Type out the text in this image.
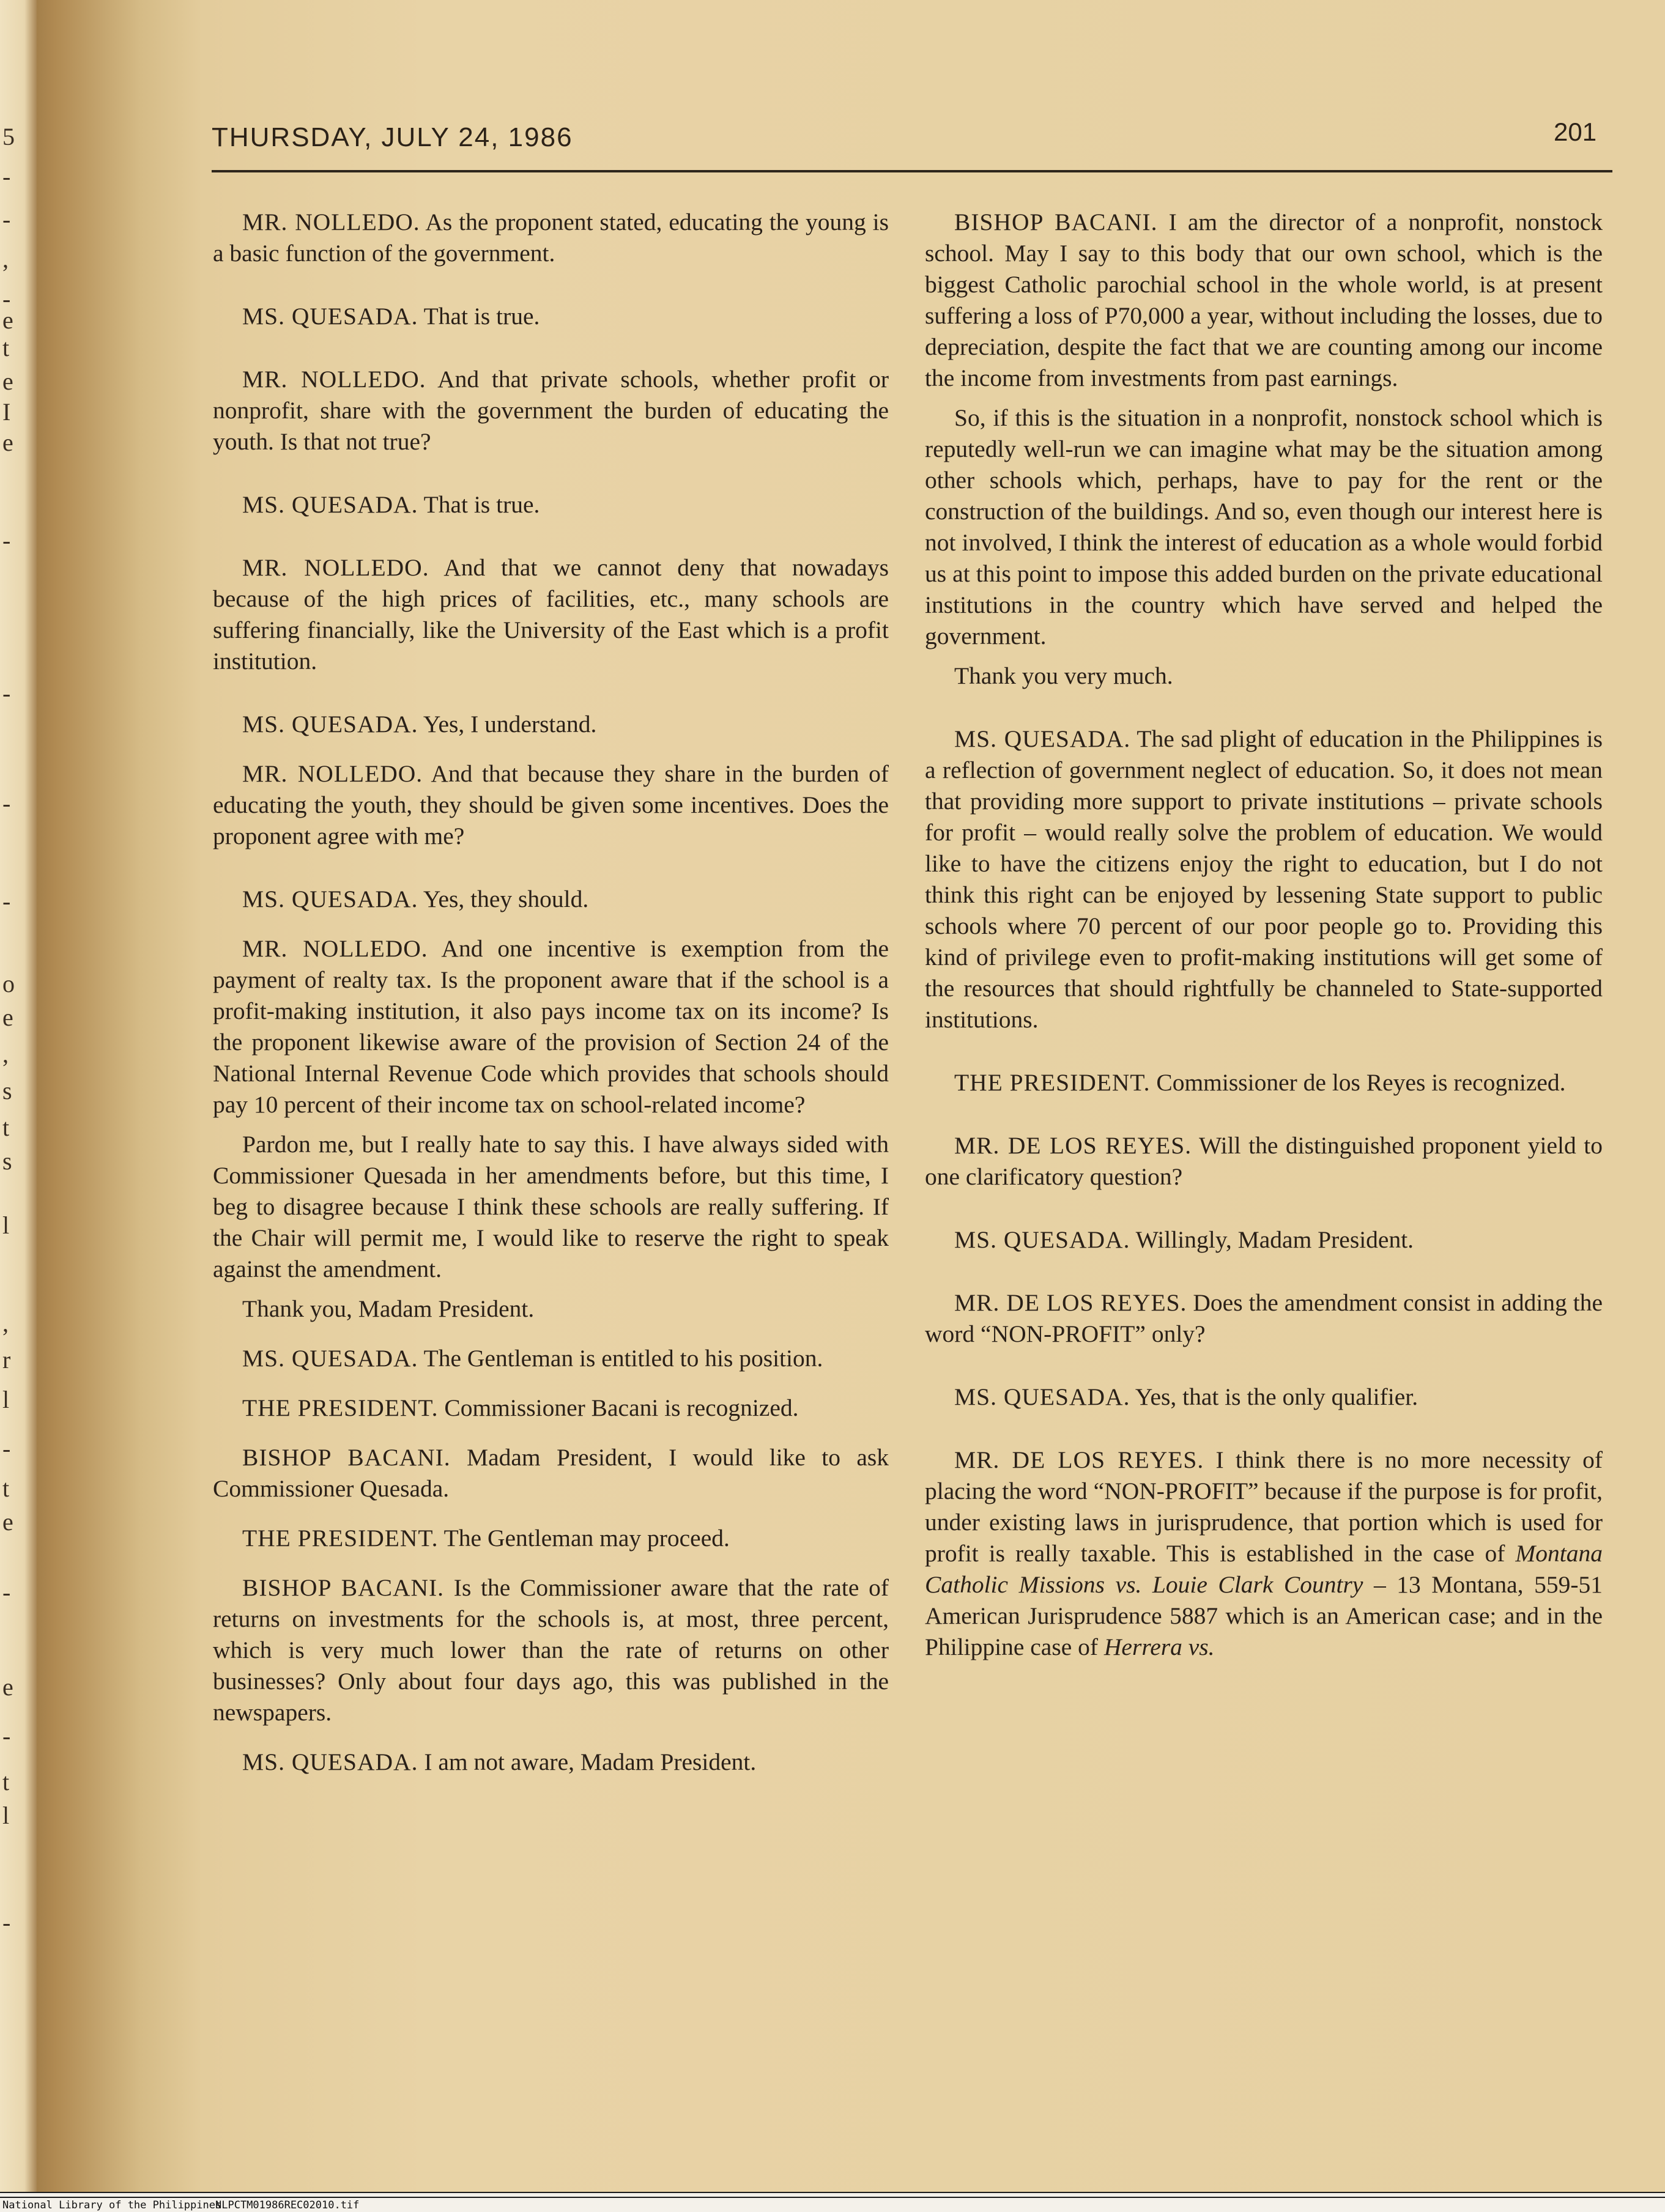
5
-
-
,
-
e
t
e
I
e
-
-
-
-
o
e
,
s
t
s
l
,
r
l
-
t
e
-
e
-
t
l
-
THURSDAY, JULY 24, 1986	201

MR. NOLLEDO. As the proponent stated, educating the young is a basic function of the government.

MS. QUESADA. That is true.

MR. NOLLEDO. And that private schools, whether profit or nonprofit, share with the government the burden of educating the youth. Is that not true?

MS. QUESADA. That is true.

MR. NOLLEDO. And that we cannot deny that nowadays because of the high prices of facilities, etc., many schools are suffering financially, like the University of the East which is a profit institution.

MS. QUESADA. Yes, I understand.

MR. NOLLEDO. And that because they share in the burden of educating the youth, they should be given some incentives. Does the proponent agree with me?

MS. QUESADA. Yes, they should.

MR. NOLLEDO. And one incentive is exemption from the payment of realty tax. Is the proponent aware that if the school is a profit-making institution, it also pays income tax on its income? Is the proponent likewise aware of the provision of Section 24 of the National Internal Revenue Code which provides that schools should pay 10 percent of their income tax on school-related income?

Pardon me, but I really hate to say this. I have always sided with Commissioner Quesada in her amendments before, but this time, I beg to disagree because I think these schools are really suffering. If the Chair will permit me, I would like to reserve the right to speak against the amendment.

Thank you, Madam President.

MS. QUESADA. The Gentleman is entitled to his position.

THE PRESIDENT. Commissioner Bacani is recognized.

BISHOP BACANI. Madam President, I would like to ask Commissioner Quesada.

THE PRESIDENT. The Gentleman may proceed.

BISHOP BACANI. Is the Commissioner aware that the rate of returns on investments for the schools is, at most, three percent, which is very much lower than the rate of returns on other businesses? Only about four days ago, this was published in the newspapers.

MS. QUESADA. I am not aware, Madam President.

BISHOP BACANI. I am the director of a nonprofit, nonstock school. May I say to this body that our own school, which is the biggest Catholic parochial school in the whole world, is at present suffering a loss of P70,000 a year, without including the losses, due to depreciation, despite the fact that we are counting among our income the income from investments from past earnings.

So, if this is the situation in a nonprofit, nonstock school which is reputedly well-run we can imagine what may be the situation among other schools which, perhaps, have to pay for the rent or the construction of the buildings. And so, even though our interest here is not involved, I think the interest of education as a whole would forbid us at this point to impose this added burden on the private educational institutions in the country which have served and helped the government.

Thank you very much.

MS. QUESADA. The sad plight of education in the Philippines is a reflection of government neglect of education. So, it does not mean that providing more support to private institutions – private schools for profit – would really solve the problem of education. We would like to have the citizens enjoy the right to education, but I do not think this right can be enjoyed by lessening State support to public schools where 70 percent of our poor people go to. Providing this kind of privilege even to profit-making institutions will get some of the resources that should rightfully be channeled to State-supported institutions.

THE PRESIDENT. Commissioner de los Reyes is recognized.

MR. DE LOS REYES. Will the distinguished proponent yield to one clarificatory question?

MS. QUESADA. Willingly, Madam President.

MR. DE LOS REYES. Does the amendment consist in adding the word “NON-PROFIT” only?

MS. QUESADA. Yes, that is the only qualifier.

MR. DE LOS REYES. I think there is no more necessity of placing the word “NON-PROFIT” because if the purpose is for profit, under existing laws in jurisprudence, that portion which is used for profit is really taxable. This is established in the case of Montana Catholic Missions vs. Louie Clark Country – 13 Montana, 559-51 American Jurisprudence 5887 which is an American case; and in the Philippine case of Herrera vs.

National Library of the Philippines
NLPCTM01986REC02010.tif
